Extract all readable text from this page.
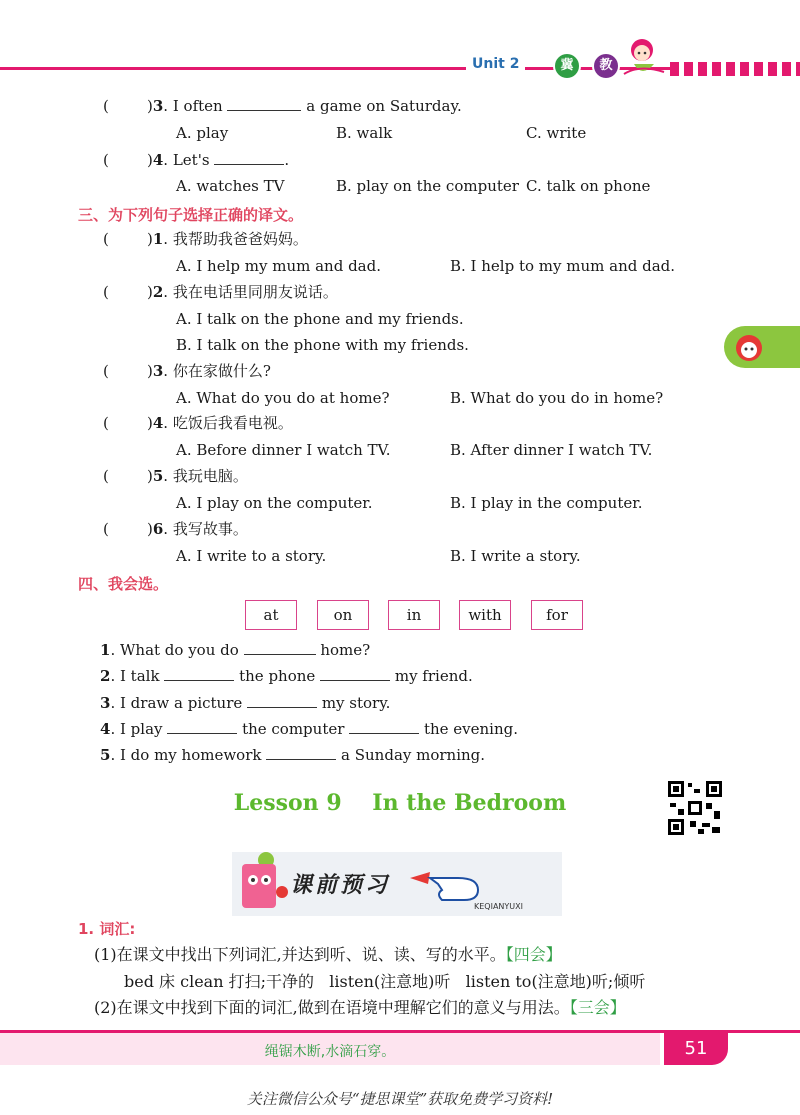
Unit 2	冀	教
(        )3. I often	a game on Saturday.
A. play	B. walk	C. write
(        )4. Let's	.
A. watches TV	B. play on the computer C. talk on phone
三、为下列句子选择正确的译文。
(        )1. 我帮助我爸爸妈妈。
A. I help my mum and dad.	B. I help to my mum and dad.
(        )2. 我在电话里同朋友说话。
A. I talk on the phone and my friends.
B. I talk on the phone with my friends.
(        )3. 你在家做什么?
A. What do you do at home?	B. What do you do in home?
(        )4. 吃饭后我看电视。
A. Before dinner I watch TV.	B. After dinner I watch TV.
(        )5. 我玩电脑。
A. I play on the computer.	B. I play in the computer.
(        )6. 我写故事。
A. I write to a story.	B. I write a story.
四、我会选。
at	on	in	with	for
1. What do you do	home?
2. I talk	the phone	my friend.
3. I draw a picture	my story.
4. I play	the computer	the evening.
5. I do my homework	a Sunday morning.
Lesson 9    In the Bedroom
课前预习
KEQIANYUXI
1. 词汇:
(1)在课文中找出下列词汇,并达到听、说、读、写的水平。【四会】
bed 床 clean 打扫;干净的   listen(注意地)听   listen to(注意地)听;倾听
(2)在课文中找到下面的词汇,做到在语境中理解它们的意义与用法。【三会】
绳锯木断,水滴石穿。	51
关注微信公众号“捷思课堂”获取免费学习资料!
